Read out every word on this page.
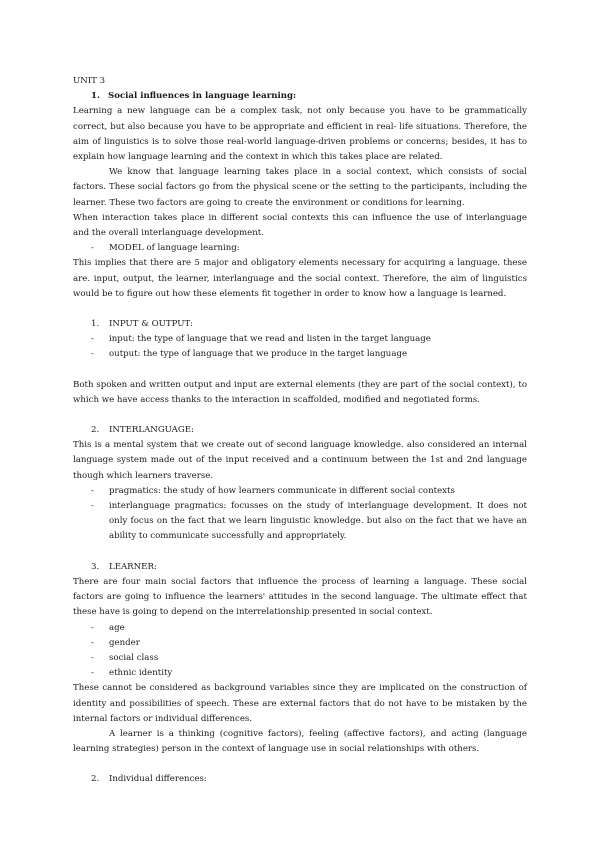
UNIT 3

1. Social influences in language learning:

Learning a new language can be a complex task, not only because you have to be grammatically correct, but also because you have to be appropriate and efficient in real- life situations. Therefore, the aim of linguistics is to solve those real-world language-driven problems or concerns; besides, it has to explain how language learning and the context in which this takes place are related.

We know that language learning takes place in a social context, which consists of social factors. These social factors go from the physical scene or the setting to the participants, including the learner. These two factors are going to create the environment or conditions for learning.

When interaction takes place in different social contexts this can influence the use of interlanguage and the overall interlanguage development.

- MODEL of language learning:

This implies that there are 5 major and obligatory elements necessary for acquiring a language. these are. input, output, the learner, interlanguage and the social context. Therefore, the aim of linguistics would be to figure out how these elements fit together in order to know how a language is learned.

1. INPUT & OUTPUT:
- input: the type of language that we read and listen in the target language
- output: the type of language that we produce in the target language

Both spoken and written output and input are external elements (they are part of the social context), to which we have access thanks to the interaction in scaffolded, modified and negotiated forms.

2. INTERLANGUAGE:

This is a mental system that we create out of second language knowledge. also considered an internal language system made out of the input received and a continuum between the 1st and 2nd language though which learners traverse.

- pragmatics: the study of how learners communicate in different social contexts
- interlanguage pragmatics: focusses on the study of interlanguage development. It does not only focus on the fact that we learn linguistic knowledge. but also on the fact that we have an ability to communicate successfully and appropriately.
3. LEARNER:

There are four main social factors that influence the process of learning a language. These social factors are going to influence the learners' attitudes in the second language. The ultimate effect that these have is going to depend on the interrelationship presented in social context.

- age
- gender
- social class
- ethnic identity

These cannot be considered as background variables since they are implicated on the construction of identity and possibilities of speech. These are external factors that do not have to be mistaken by the internal factors or individual differences.

A learner is a thinking (cognitive factors), feeling (affective factors), and acting (language learning strategies) person in the context of language use in social relationships with others.

2. Individual differences:
